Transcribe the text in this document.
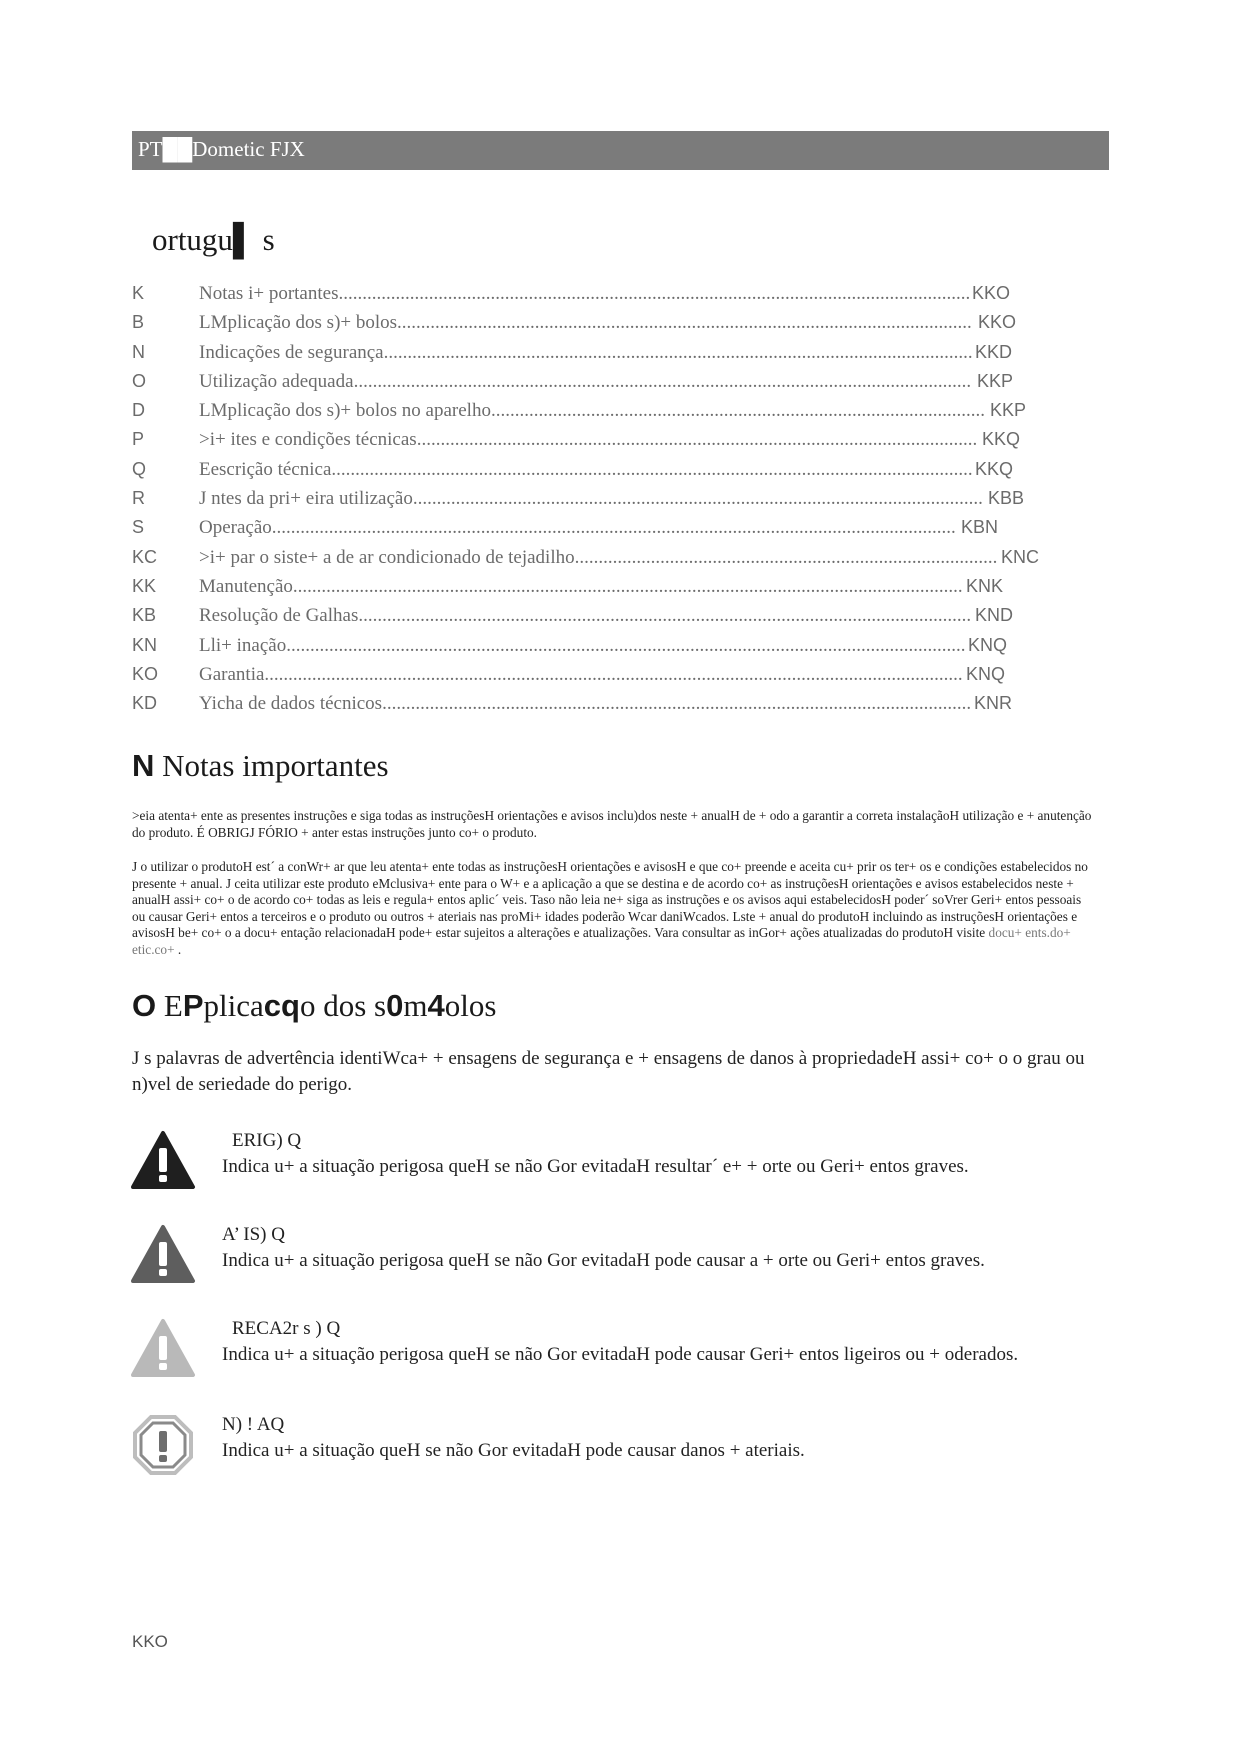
PT██Dometic FJX
ortugu▌ s
K	Notas i+ portantes..................................................................................................................................... KKO
B	LMplicação dos s)+ bolos......................................................................................................................... KKO
N	Indicações de segurança............................................................................................................................ KKD
O	Utilização adequada.................................................................................................................................. KKP
D	LMplicação dos s)+ bolos no aparelho........................................................................................................ KKP
P	>i+ ites e condições técnicas...................................................................................................................... KKQ
Q	Eescrição técnica....................................................................................................................................... KKQ
R	J ntes da pri+ eira utilização........................................................................................................................ KBB
S	Operação................................................................................................................................................ KBN
KC >i+ par o siste+ a de ar condicionado de tejadilho......................................................................................... KNC
KK Manutenção............................................................................................................................................. KNK
KB Resolução de Galhas................................................................................................................................. KND
KN Lli+ inação............................................................................................................................................... KNQ
KO Garantia................................................................................................................................................... KNQ
KD Yicha de dados técnicos............................................................................................................................ KNR
N Notas importantes
>eia atenta+ ente as presentes instruções e siga todas as instruçõesH orientações e avisos inclu)dos neste + anualH de + odo a garantir a correta instalaçãoH utilização e + anutenção do produto. É OBRIGJ FÓRIO + anter estas instruções junto co+ o produto.
J o utilizar o produtoH est´ a conWr+ ar que leu atenta+ ente todas as instruçõesH orientações e avisosH e que co+ preende e aceita cu+ prir os ter+ os e condições estabelecidos no presente + anual. J ceita utilizar este produto eMclusiva+ ente para o W+ e a aplicação a que se destina e de acordo co+ as instruçõesH orientações e avisos estabelecidos neste + anualH assi+ co+ o de acordo co+ todas as leis e regula+ entos aplic´ veis. Taso não leia ne+ siga as instruções e os avisos aqui estabelecidosH poder´ soVrer Geri+ entos pessoais ou causar Geri+ entos a terceiros e o produto ou outros + ateriais nas proMi+ idades poderão Wcar daniWcados. Lste + anual do produtoH incluindo as instruçõesH orientações e avisosH be+ co+ o a docu+ entação relacionadaH pode+ estar sujeitos a alterações e atualizações. Vara consultar as inGor+ ações atualizadas do produtoH visite docu+ ents.do+ etic.co+ .
O EPplicacqo dos s0m4olos
J s palavras de advertência identiWca+ + ensagens de segurança e + ensagens de danos à propriedadeH assi+ co+ o o grau ou n)vel de seriedade do perigo.
ERIG) Q
Indica u+ a situação perigosa queH se não Gor evitadaH resultar´ e+ + orte ou Geri+ entos graves.
A’ IS) Q
Indica u+ a situação perigosa queH se não Gor evitadaH pode causar a + orte ou Geri+ entos graves.
RECA2r s ) Q
Indica u+ a situação perigosa queH se não Gor evitadaH pode causar Geri+ entos ligeiros ou + oderados.
N) ! AQ
Indica u+ a situação queH se não Gor evitadaH pode causar danos + ateriais.
KKO
